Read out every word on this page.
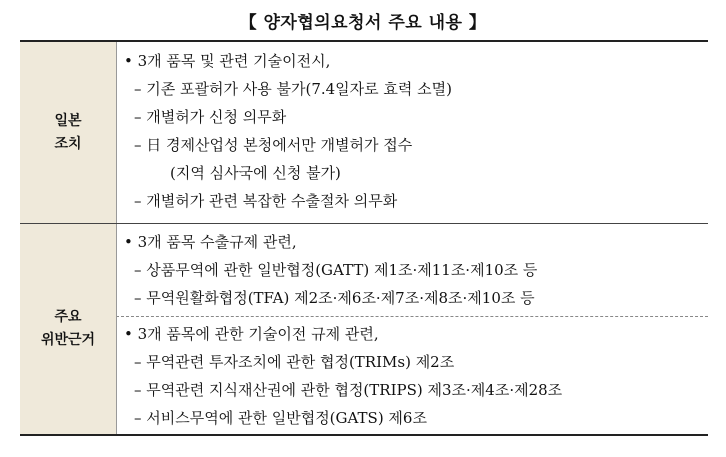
【 양자협의요청서 주요 내용 】
일본
조치
• 3개 품목 및 관련 기술이전시,
– 기존 포괄허가 사용 불가(7.4일자로 효력 소멸)
– 개별허가 신청 의무화
– 日 경제산업성 본청에서만 개별허가 접수
(지역 심사국에 신청 불가)
– 개별허가 관련 복잡한 수출절차 의무화
주요
위반근거
• 3개 품목 수출규제 관련,
– 상품무역에 관한 일반협정(GATT) 제1조·제11조·제10조 등
– 무역원활화협정(TFA) 제2조·제6조·제7조·제8조·제10조 등
• 3개 품목에 관한 기술이전 규제 관련,
– 무역관련 투자조치에 관한 협정(TRIMs) 제2조
– 무역관련 지식재산권에 관한 협정(TRIPS) 제3조·제4조·제28조
– 서비스무역에 관한 일반협정(GATS) 제6조
